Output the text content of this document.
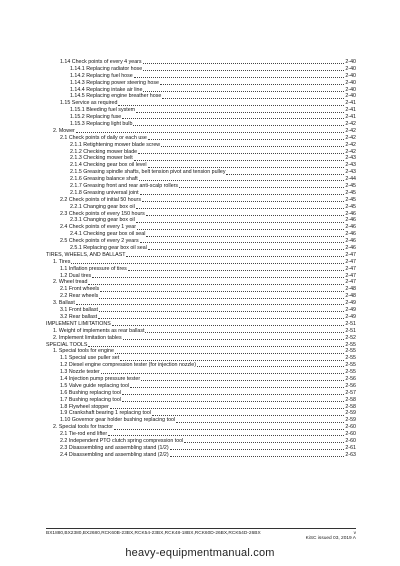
1.14 Check points of every 4 years	2-40
1.14.1 Replacing radiator hose	2-40
1.14.2 Replacing fuel hose	2-40
1.14.3 Replacing power steering hose	2-40
1.14.4 Replacing intake air line	2-40
1.14.5 Replacing engine breather hose	2-40
1.15 Service as required	2-41
1.15.1 Bleeding fuel system	2-41
1.15.2 Replacing fuse	2-41
1.15.3 Replacing light bulb	2-42
2. Mower	2-42
2.1 Check points of daily or each use	2-42
2.1.1 Retightening mower blade screw	2-42
2.1.2 Checking mower blade	2-42
2.1.3 Checking mower belt	2-43
2.1.4 Checking gear box oil level	2-43
2.1.5 Greasing spindle shafts, belt tension pivot and tension pulley	2-43
2.1.6 Greasing balance shaft	2-44
2.1.7 Greasing front and rear anti-scalp rollers	2-45
2.1.8 Greasing universal joint	2-45
2.2 Check points of initial 50 hours	2-45
2.2.1 Changing gear box oil	2-45
2.3 Check points of every 150 hours	2-46
2.3.1 Changing gear box oil	2-46
2.4 Check points of every 1 year	2-46
2.4.1 Checking gear box oil seal	2-46
2.5 Check points of every 2 years	2-46
2.5.1 Replacing gear box oil seal	2-46
TIRES, WHEELS, AND BALLAST	2-47
1. Tires	2-47
1.1 Inflation pressure of tires	2-47
1.2 Dual tires	2-47
2. Wheel tread	2-47
2.1 Front wheels	2-48
2.2 Rear wheels	2-48
3. Ballast	2-49
3.1 Front ballast	2-49
3.2 Rear ballast	2-49
IMPLEMENT LIMITATIONS	2-51
1. Weight of implements as rear ballast	2-51
2. Implement limitation tables	2-52
SPECIAL TOOLS	2-55
1. Special tools for engine	2-55
1.1 Special use puller set	2-55
1.2 Diesel engine compression tester (for injection nozzle)	2-55
1.3 Nozzle tester	2-55
1.4 Injection pump pressure tester	2-56
1.5 Valve guide replacing tool	2-56
1.6 Bushing replacing tool	2-57
1.7 Bushing replacing tool	2-58
1.8 Flywheel stopper	2-58
1.9 Crankshaft bearing 1 replacing tool	2-59
1.10 Governor gear holder bushing replacing tool	2-59
2. Special tools for tractor	2-60
2.1 Tie-rod end lifter	2-60
2.2 Independent PTO clutch spring compression tool	2-60
2.3 Disassembling and assembling stand (1/2)	2-61
2.4 Disassembling and assembling stand (2/2)	2-63
BX1880,BX2380,BX2680,RCK60B-23BX,RCK54-23BX,RCK48-18BX,RCK60D-26BX,RCK54D-26BX	v
KiSC issued 03, 2019 A
heavy-equipmentmanual.com
